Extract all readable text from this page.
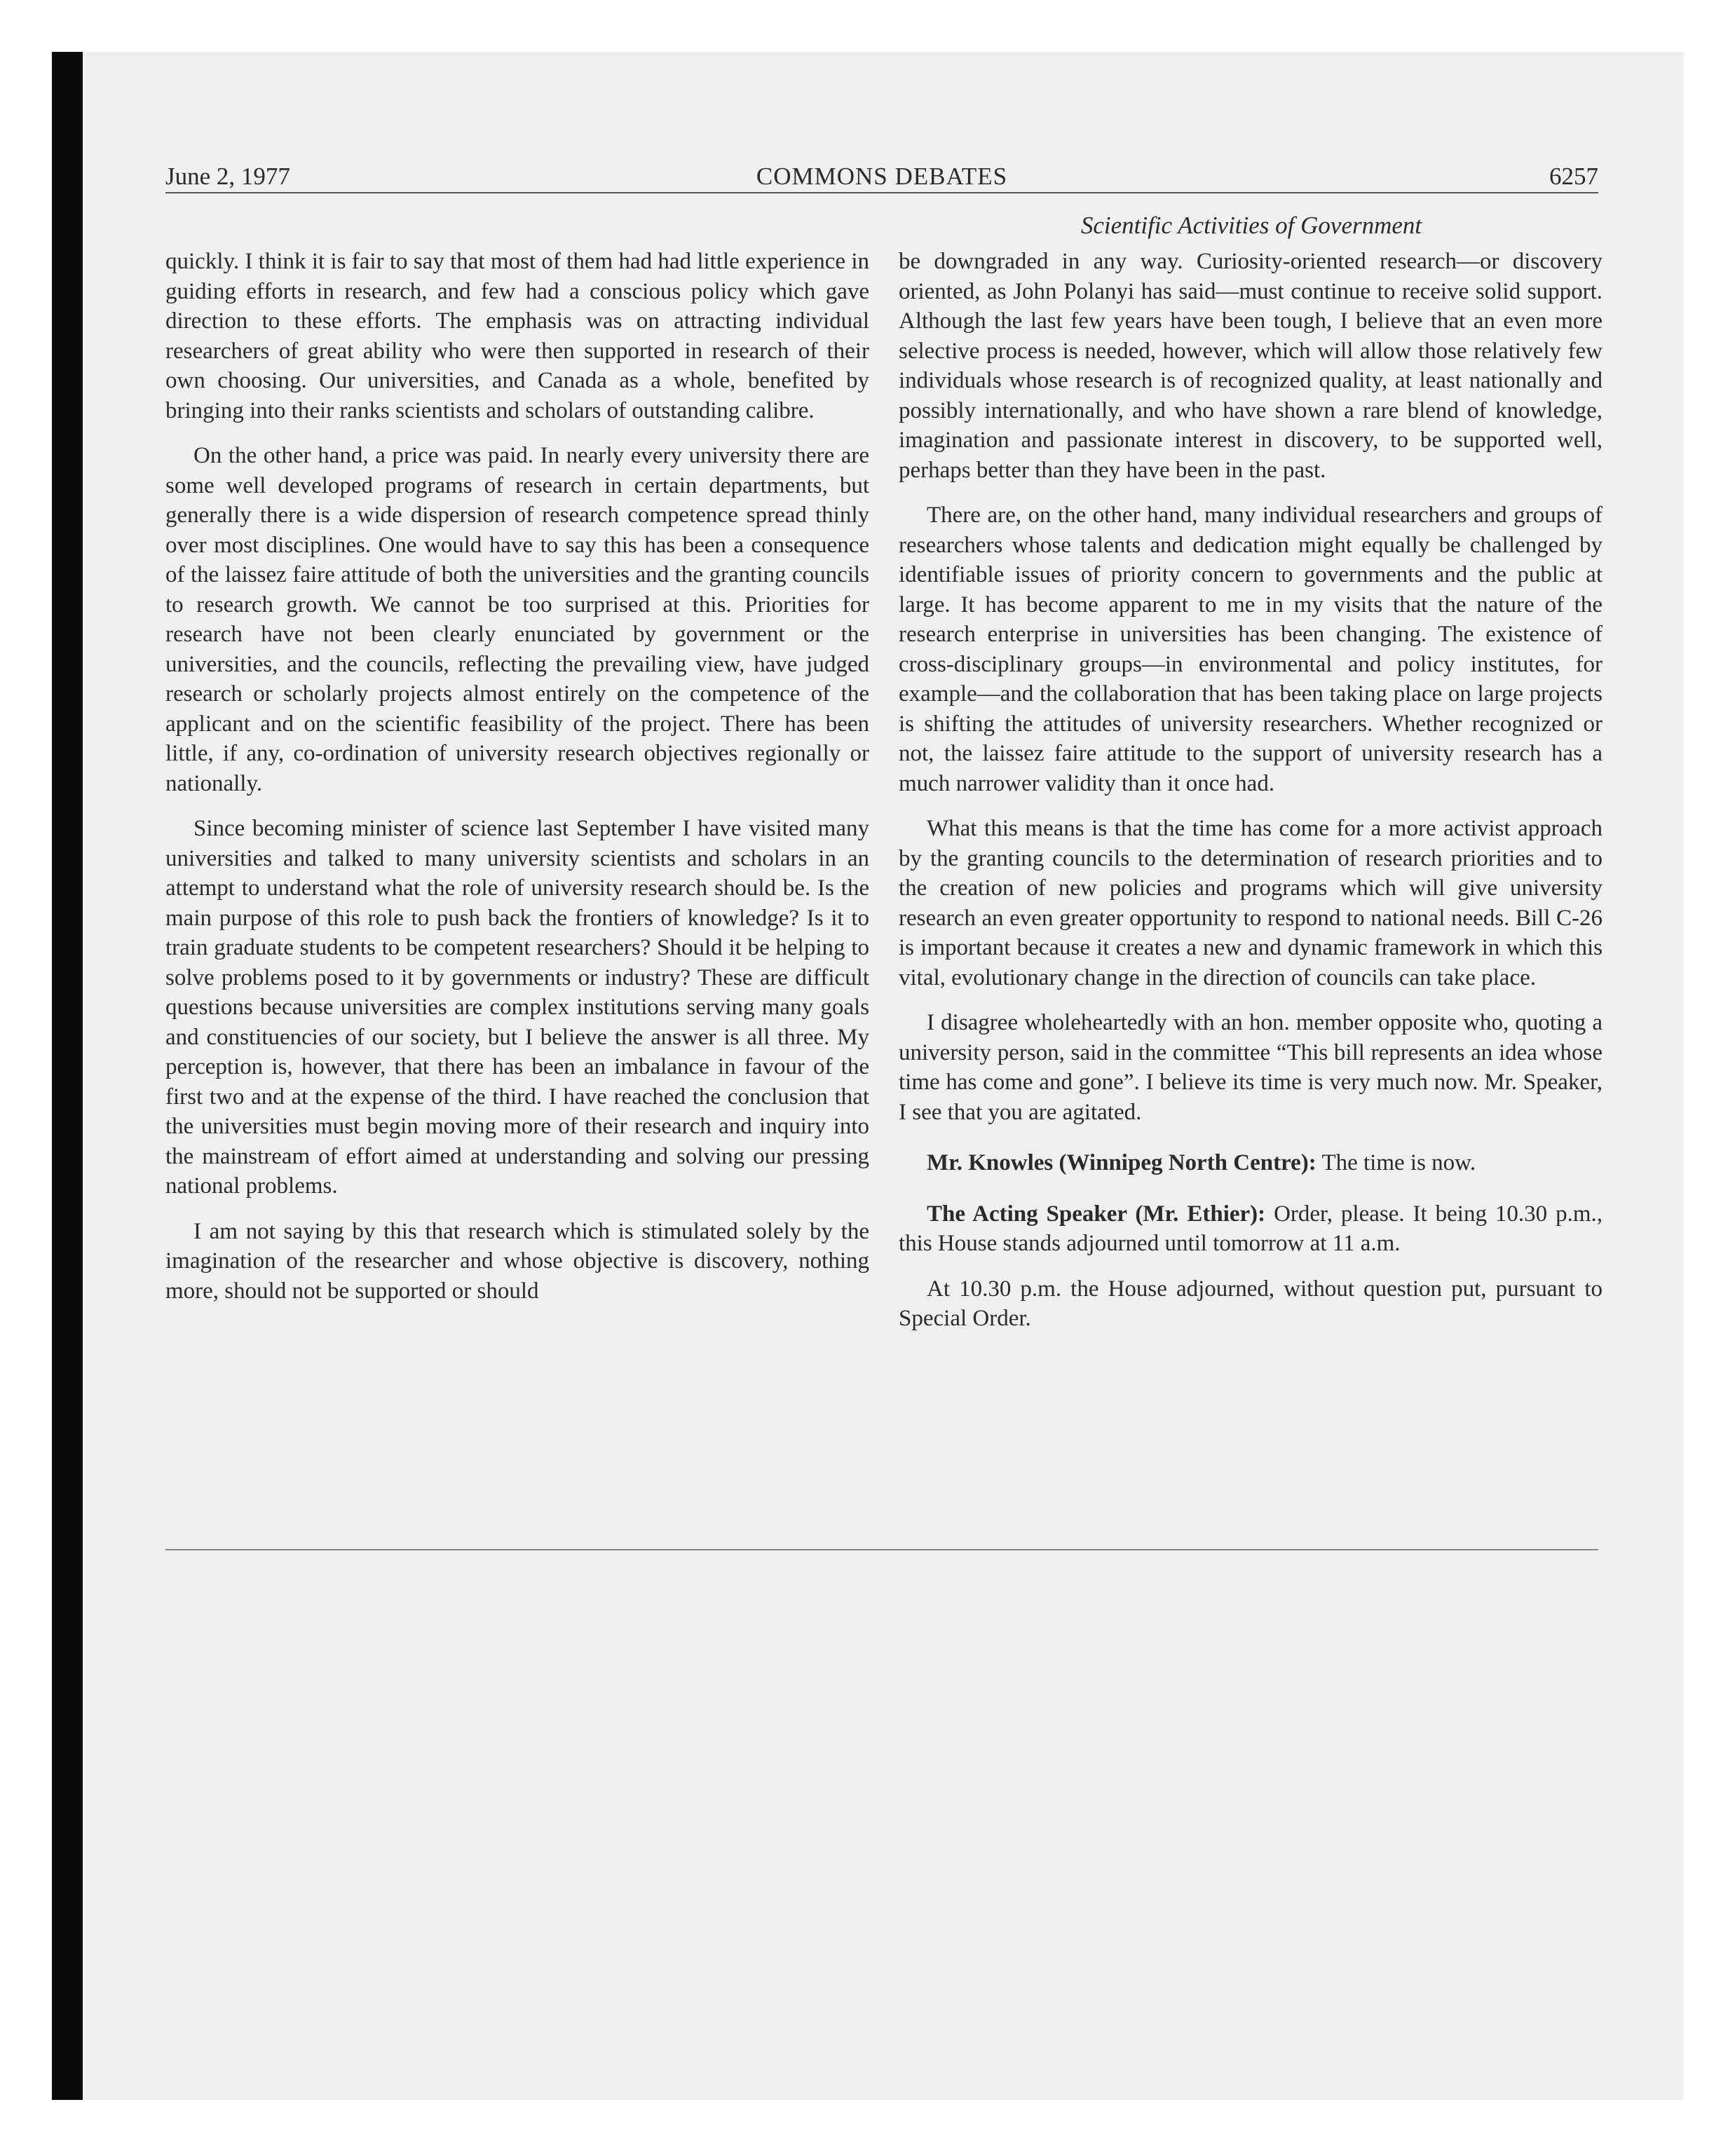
June 2, 1977	COMMONS DEBATES	6257
Scientific Activities of Government

quickly. I think it is fair to say that most of them had had little experience in guiding efforts in research, and few had a conscious policy which gave direction to these efforts. The emphasis was on attracting individual researchers of great ability who were then supported in research of their own choosing. Our universities, and Canada as a whole, benefited by bringing into their ranks scientists and scholars of outstanding calibre.

On the other hand, a price was paid. In nearly every university there are some well developed programs of research in certain departments, but generally there is a wide dispersion of research competence spread thinly over most disciplines. One would have to say this has been a consequence of the laissez faire attitude of both the universities and the granting councils to research growth. We cannot be too surprised at this. Priorities for research have not been clearly enunciated by government or the universities, and the councils, reflecting the prevailing view, have judged research or scholarly projects almost entirely on the competence of the applicant and on the scientific feasibility of the project. There has been little, if any, co-ordination of university research objectives regionally or nationally.

Since becoming minister of science last September I have visited many universities and talked to many university scientists and scholars in an attempt to understand what the role of university research should be. Is the main purpose of this role to push back the frontiers of knowledge? Is it to train graduate students to be competent researchers? Should it be helping to solve problems posed to it by governments or industry? These are difficult questions because universities are complex institutions serving many goals and constituencies of our society, but I believe the answer is all three. My perception is, however, that there has been an imbalance in favour of the first two and at the expense of the third. I have reached the conclusion that the universities must begin moving more of their research and inquiry into the mainstream of effort aimed at understanding and solving our pressing national problems.

I am not saying by this that research which is stimulated solely by the imagination of the researcher and whose objective is discovery, nothing more, should not be supported or should

be downgraded in any way. Curiosity-oriented research—or discovery oriented, as John Polanyi has said—must continue to receive solid support. Although the last few years have been tough, I believe that an even more selective process is needed, however, which will allow those relatively few individuals whose research is of recognized quality, at least nationally and possibly internationally, and who have shown a rare blend of knowledge, imagination and passionate interest in discovery, to be supported well, perhaps better than they have been in the past.

There are, on the other hand, many individual researchers and groups of researchers whose talents and dedication might equally be challenged by identifiable issues of priority concern to governments and the public at large. It has become apparent to me in my visits that the nature of the research enterprise in universities has been changing. The existence of cross-disciplinary groups—in environmental and policy institutes, for example—and the collaboration that has been taking place on large projects is shifting the attitudes of university researchers. Whether recognized or not, the laissez faire attitude to the support of university research has a much narrower validity than it once had.

What this means is that the time has come for a more activist approach by the granting councils to the determination of research priorities and to the creation of new policies and programs which will give university research an even greater opportunity to respond to national needs. Bill C-26 is important because it creates a new and dynamic framework in which this vital, evolutionary change in the direction of councils can take place.

I disagree wholeheartedly with an hon. member opposite who, quoting a university person, said in the committee “This bill represents an idea whose time has come and gone”. I believe its time is very much now. Mr. Speaker, I see that you are agitated.

Mr. Knowles (Winnipeg North Centre): The time is now.

The Acting Speaker (Mr. Ethier): Order, please. It being 10.30 p.m., this House stands adjourned until tomorrow at 11 a.m.

At 10.30 p.m. the House adjourned, without question put, pursuant to Special Order.
